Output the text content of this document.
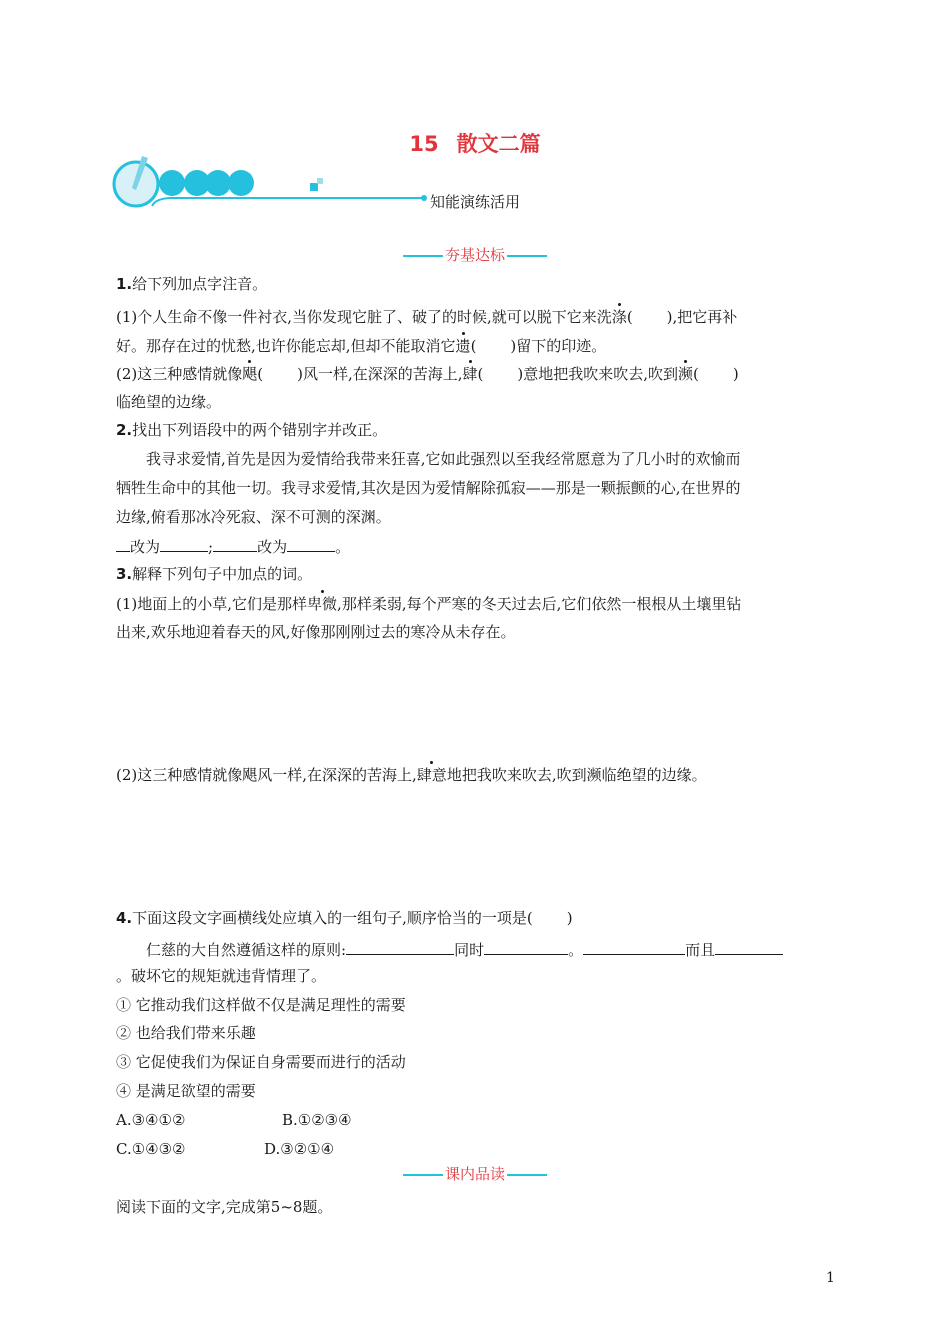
15 散文二篇
知能演练活用
夯基达标
1.给下列加点字注音。
(1)个人生命不像一件衬衣,当你发现它脏了、破了的时候,就可以脱下它来洗涤( ),把它再补
好。那存在过的忧愁,也许你能忘却,但却不能取消它遗( )留下的印迹。
(2)这三种感情就像飓( )风一样,在深深的苦海上,肆( )意地把我吹来吹去,吹到濒( )
临绝望的边缘。
2.找出下列语段中的两个错别字并改正。
我寻求爱情,首先是因为爱情给我带来狂喜,它如此强烈以至我经常愿意为了几小时的欢愉而
牺牲生命中的其他一切。我寻求爱情,其次是因为爱情解除孤寂——那是一颗振颤的心,在世界的
边缘,俯看那冰冷死寂、深不可测的深渊。
改为	;	改为	。
3.解释下列句子中加点的词。
(1)地面上的小草,它们是那样卑微,那样柔弱,每个严寒的冬天过去后,它们依然一根根从土壤里钻
出来,欢乐地迎着春天的风,好像那刚刚过去的寒冷从未存在。
(2)这三种感情就像飓风一样,在深深的苦海上,肆意地把我吹来吹去,吹到濒临绝望的边缘。
4.下面这段文字画横线处应填入的一组句子,顺序恰当的一项是( )
仁慈的大自然遵循这样的原则:	同时	。	而且
。破坏它的规矩就违背情理了。
① 它推动我们这样做不仅是满足理性的需要
② 也给我们带来乐趣
③ 它促使我们为保证自身需要而进行的活动
④ 是满足欲望的需要
A.③④①②	B.①②③④
C.①④③②	D.③②①④
课内品读
阅读下面的文字,完成第5~8题。
1
